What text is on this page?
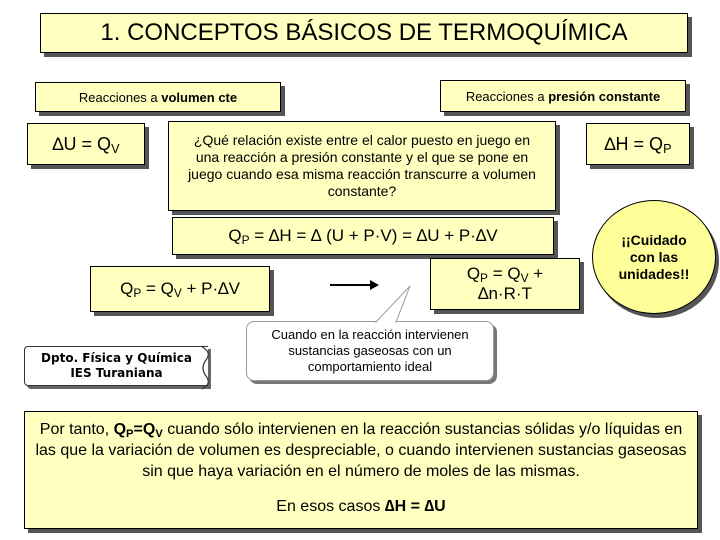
1. CONCEPTOS BÁSICOS DE TERMOQUÍMICA
Reacciones a volumen cte	Reacciones a presión constante
$\Delta U = Q_V$
¿Qué relación existe entre el calor puesto en juego en una reacción a presión constante y el que se pone en juego cuando esa misma reacción transcurre a volumen constante?
$\Delta H = Q_P$
$Q_P = \Delta H$ = ∆ (U + P·V) = ∆U + P·∆V
$Q_P = Q_V + P\cdot\Delta V$
$Q_P = Q_V$ +
∆n·R·T
¡¡Cuidado con las unidades!!
Dpto. Física y Química
IES Turaniana
Cuando en la reacción intervienen sustancias gaseosas con un comportamiento ideal
Por tanto, $Q_P=Q_V$ cuando sólo intervienen en la reacción sustancias sólidas y/o líquidas en las que la variación de volumen es despreciable, o cuando intervienen sustancias gaseosas sin que haya variación en el número de moles de las mismas.
En esos casos ∆H = ∆U
